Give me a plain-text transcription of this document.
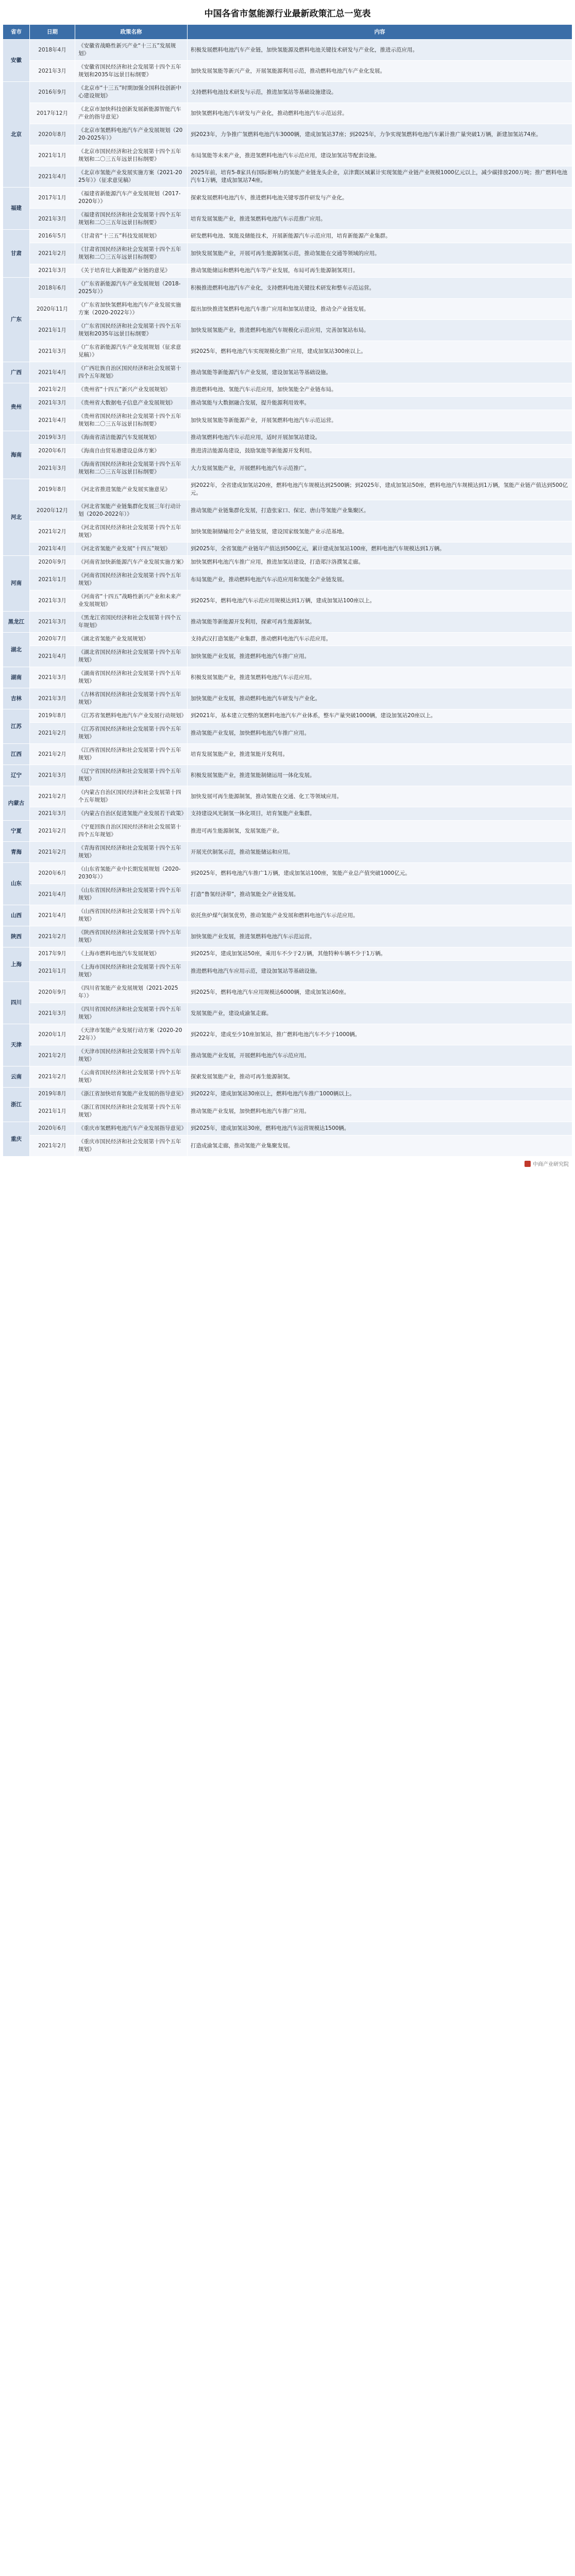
中国各省市氢能源行业最新政策汇总一览表
省市	日期	政策名称	内容
安徽	2018年4月	《安徽省战略性新兴产业“十三五”发展规划》	积极发展燃料电池汽车产业链，加快氢能源及燃料电池关键技术研发与产业化，推进示范应用。
	2021年3月	《安徽省国民经济和社会发展第十四个五年规划和2035年远景目标纲要》	加快发展氢能等新兴产业，开展氢能源利用示范，推动燃料电池汽车产业化发展。
北京	2016年9月	《北京市“十三五”时期加强全国科技创新中心建设规划》	支持燃料电池技术研发与示范，推进加氢站等基础设施建设。
	2017年12月	《北京市加快科技创新发展新能源智能汽车产业的指导意见》	加快氢燃料电池汽车研发与产业化，推动燃料电池汽车示范运营。
	2020年8月	《北京市氢燃料电池汽车产业发展规划（2020-2025年）》	到2023年，力争推广氢燃料电池汽车3000辆，建成加氢站37座；到2025年，力争实现氢燃料电池汽车累计推广量突破1万辆，新建加氢站74座。
	2021年1月	《北京市国民经济和社会发展第十四个五年规划和二〇三五年远景目标纲要》	布局氢能等未来产业，推进氢燃料电池汽车示范应用，建设加氢站等配套设施。
	2021年4月	《北京市氢能产业发展实施方案（2021-2025年）》（征求意见稿）	2025年前，培育5-8家具有国际影响力的氢能产业链龙头企业，京津冀区域累计实现氢能产业链产业规模1000亿元以上，减少碳排放200万吨；推广燃料电池汽车1万辆，建成加氢站74座。
福建	2017年1月	《福建省新能源汽车产业发展规划（2017-2020年）》	探索发展燃料电池汽车，推进燃料电池关键零部件研发与产业化。
	2021年3月	《福建省国民经济和社会发展第十四个五年规划和二〇三五年远景目标纲要》	培育发展氢能产业，推进氢燃料电池汽车示范推广应用。
甘肃	2016年5月	《甘肃省“十三五”科技发展规划》	研发燃料电池、氢能及储能技术，开展新能源汽车示范应用，培育新能源产业集群。
	2021年2月	《甘肃省国民经济和社会发展第十四个五年规划和二〇三五年远景目标纲要》	加快发展氢能产业，开展可再生能源制氢示范，推动氢能在交通等领域的应用。
	2021年3月	《关于培育壮大新能源产业链的意见》	推动氢能储运和燃料电池汽车等产业发展，布局可再生能源制氢项目。
广东	2018年6月	《广东省新能源汽车产业发展规划（2018-2025年）》	积极推进燃料电池汽车产业化，支持燃料电池关键技术研发和整车示范运营。
	2020年11月	《广东省加快氢燃料电池汽车产业发展实施方案（2020-2022年）》	提出加快推进氢燃料电池汽车推广应用和加氢站建设，推动全产业链发展。
	2021年1月	《广东省国民经济和社会发展第十四个五年规划和2035年远景目标纲要》	加快发展氢能产业，推进燃料电池汽车规模化示范应用，完善加氢站布局。
	2021年3月	《广东省新能源汽车产业发展规划（征求意见稿）》	到2025年，燃料电池汽车实现规模化推广应用，建成加氢站300座以上。
广西	2021年4月	《广西壮族自治区国民经济和社会发展第十四个五年规划》	推动氢能等新能源汽车产业发展，建设加氢站等基础设施。
贵州	2021年2月	《贵州省“十四五”新兴产业发展规划》	推进燃料电池、氢能汽车示范应用，加快氢能全产业链布局。
	2021年3月	《贵州省大数据电子信息产业发展规划》	推动氢能与大数据融合发展，提升能源利用效率。
	2021年4月	《贵州省国民经济和社会发展第十四个五年规划和二〇三五年远景目标纲要》	加快发展氢能等新能源产业，开展氢燃料电池汽车示范运营。
海南	2019年3月	《海南省清洁能源汽车发展规划》	推动氢燃料电池汽车示范应用，适时开展加氢站建设。
	2020年6月	《海南自由贸易港建设总体方案》	推进清洁能源岛建设，鼓励氢能等新能源开发利用。
	2021年3月	《海南省国民经济和社会发展第十四个五年规划和二〇三五年远景目标纲要》	大力发展氢能产业，开展燃料电池汽车示范推广。
河北	2019年8月	《河北省推进氢能产业发展实施意见》	到2022年，全省建成加氢站20座，燃料电池汽车规模达到2500辆；到2025年，建成加氢站50座，燃料电池汽车规模达到1万辆，氢能产业链产值达到500亿元。
	2020年12月	《河北省氢能产业链集群化发展三年行动计划（2020-2022年）》	推动氢能产业链集群化发展，打造张家口、保定、唐山等氢能产业集聚区。
	2021年2月	《河北省国民经济和社会发展第十四个五年规划》	加快氢能制储输用全产业链发展，建设国家级氢能产业示范基地。
	2021年4月	《河北省氢能产业发展“十四五”规划》	到2025年，全省氢能产业链年产值达到500亿元，累计建成加氢站100座，燃料电池汽车规模达到1万辆。
河南	2020年9月	《河南省加快新能源汽车产业发展实施方案》	加快氢燃料电池汽车推广应用，推进加氢站建设，打造郑汴洛濮氢走廊。
	2021年1月	《河南省国民经济和社会发展第十四个五年规划》	布局氢能产业，推动燃料电池汽车示范应用和氢能全产业链发展。
	2021年3月	《河南省“十四五”战略性新兴产业和未来产业发展规划》	到2025年，燃料电池汽车示范应用规模达到1万辆，建成加氢站100座以上。
黑龙江	2021年3月	《黑龙江省国民经济和社会发展第十四个五年规划》	推动氢能等新能源开发利用，探索可再生能源制氢。
湖北	2020年7月	《湖北省氢能产业发展规划》	支持武汉打造氢能产业集群，推动燃料电池汽车示范应用。
	2021年4月	《湖北省国民经济和社会发展第十四个五年规划》	加快氢能产业发展，推进燃料电池汽车推广应用。
湖南	2021年3月	《湖南省国民经济和社会发展第十四个五年规划》	积极发展氢能产业，推进氢燃料电池汽车示范应用。
吉林	2021年3月	《吉林省国民经济和社会发展第十四个五年规划》	加快氢能产业发展，推动燃料电池汽车研发与产业化。
江苏	2019年8月	《江苏省氢燃料电池汽车产业发展行动规划》	到2021年，基本建立完整的氢燃料电池汽车产业体系，整车产量突破1000辆，建设加氢站20座以上。
	2021年2月	《江苏省国民经济和社会发展第十四个五年规划》	推动氢能产业发展，加快燃料电池汽车推广应用。
江西	2021年2月	《江西省国民经济和社会发展第十四个五年规划》	培育发展氢能产业，推进氢能开发利用。
辽宁	2021年3月	《辽宁省国民经济和社会发展第十四个五年规划》	积极发展氢能产业，推进氢能制储运用一体化发展。
内蒙古	2021年2月	《内蒙古自治区国民经济和社会发展第十四个五年规划》	加快发展可再生能源制氢，推动氢能在交通、化工等领域应用。
	2021年3月	《内蒙古自治区促进氢能产业发展若干政策》	支持建设风光制氢一体化项目，培育氢能产业集群。
宁夏	2021年2月	《宁夏回族自治区国民经济和社会发展第十四个五年规划》	推进可再生能源制氢，发展氢能产业。
青海	2021年2月	《青海省国民经济和社会发展第十四个五年规划》	开展光伏制氢示范，推动氢能储运和应用。
山东	2020年6月	《山东省氢能产业中长期发展规划（2020-2030年）》	到2025年，燃料电池汽车推广1万辆，建成加氢站100座，氢能产业总产值突破1000亿元。
	2021年4月	《山东省国民经济和社会发展第十四个五年规划》	打造“鲁氢经济带”，推动氢能全产业链发展。
山西	2021年4月	《山西省国民经济和社会发展第十四个五年规划》	依托焦炉煤气制氢优势，推动氢能产业发展和燃料电池汽车示范应用。
陕西	2021年2月	《陕西省国民经济和社会发展第十四个五年规划》	加快氢能产业发展，推进氢燃料电池汽车示范运营。
上海	2017年9月	《上海市燃料电池汽车发展规划》	到2025年，建成加氢站50座，乘用车不少于2万辆，其他特种车辆不少于1万辆。
	2021年1月	《上海市国民经济和社会发展第十四个五年规划》	推进燃料电池汽车应用示范，建设加氢站等基础设施。
四川	2020年9月	《四川省氢能产业发展规划（2021-2025年）》	到2025年，燃料电池汽车应用规模达6000辆，建成加氢站60座。
	2021年3月	《四川省国民经济和社会发展第十四个五年规划》	发展氢能产业，建设成渝氢走廊。
天津	2020年1月	《天津市氢能产业发展行动方案（2020-2022年）》	到2022年，建成至少10座加氢站，推广燃料电池汽车不少于1000辆。
	2021年2月	《天津市国民经济和社会发展第十四个五年规划》	推动氢能产业发展，开展燃料电池汽车示范应用。
云南	2021年2月	《云南省国民经济和社会发展第十四个五年规划》	探索发展氢能产业，推动可再生能源制氢。
浙江	2019年8月	《浙江省加快培育氢能产业发展的指导意见》	到2022年，建成加氢站30座以上，燃料电池汽车推广1000辆以上。
	2021年1月	《浙江省国民经济和社会发展第十四个五年规划》	推动氢能产业发展，加快燃料电池汽车推广应用。
重庆	2020年6月	《重庆市氢燃料电池汽车产业发展指导意见》	到2025年，建成加氢站30座，燃料电池汽车运营规模达1500辆。
	2021年2月	《重庆市国民经济和社会发展第十四个五年规划》	打造成渝氢走廊，推动氢能产业集聚发展。
中商产业研究院
